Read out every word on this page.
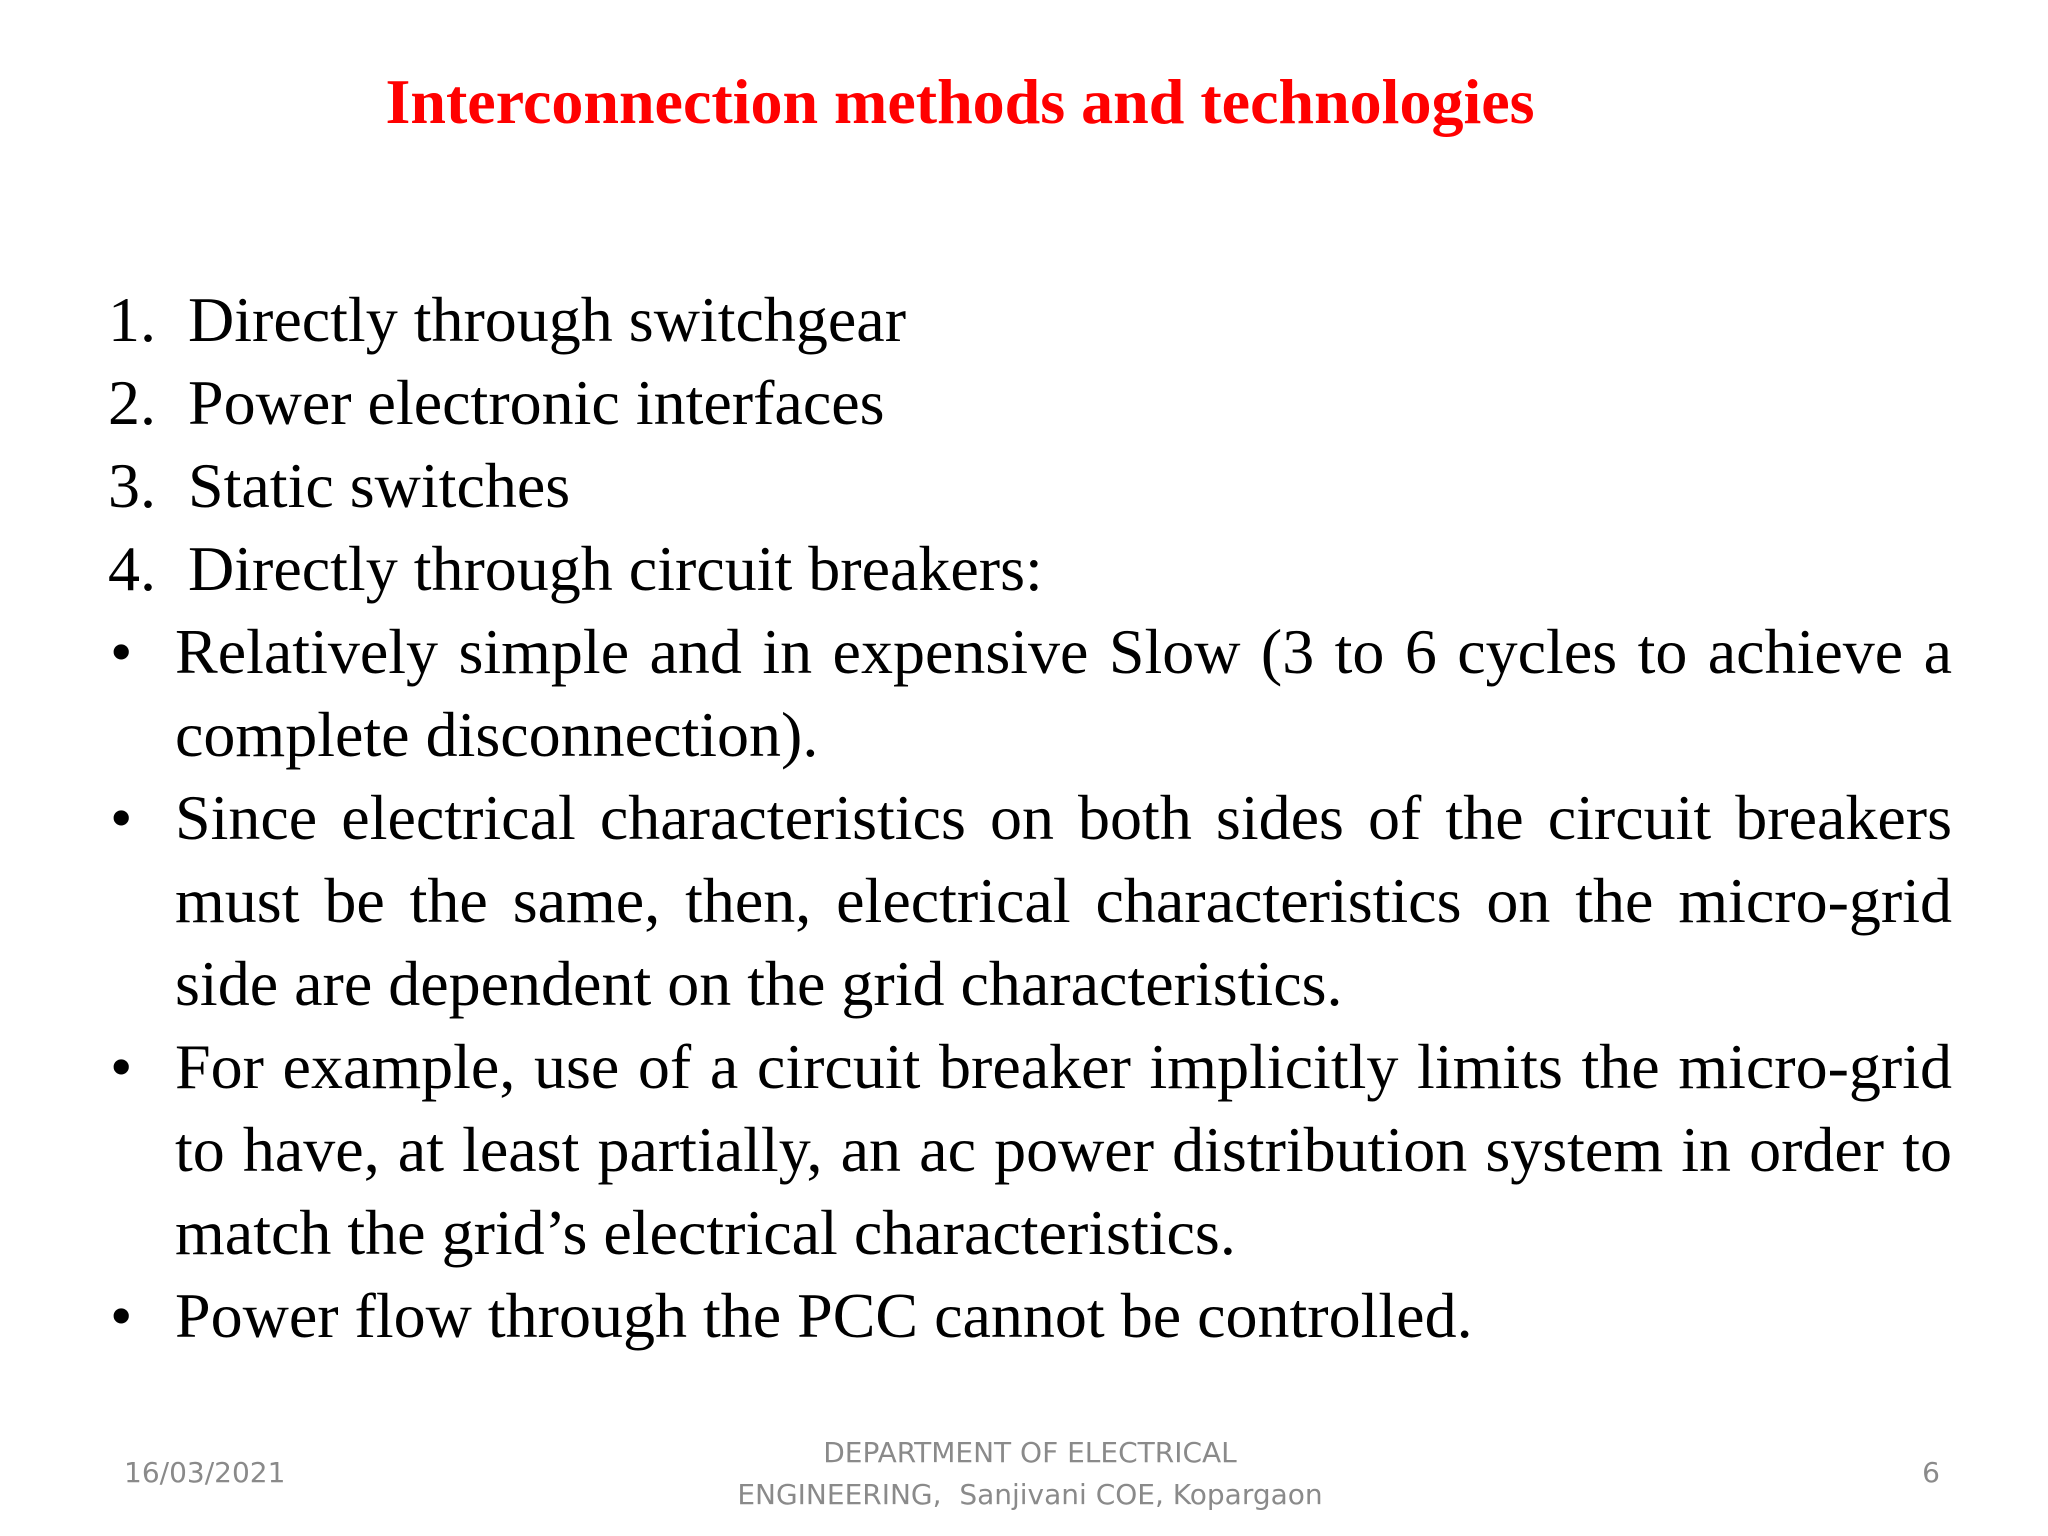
Interconnection methods and technologies
1. Directly through switchgear
2. Power electronic interfaces
3. Static switches
4. Directly through circuit breakers:
• Relatively simple and in expensive Slow (3 to 6 cycles to achieve a complete disconnection).
• Since electrical characteristics on both sides of the circuit breakers must be the same, then, electrical characteristics on the micro-grid side are dependent on the grid characteristics.
• For example, use of a circuit breaker implicitly limits the micro-grid to have, at least partially, an ac power distribution system in order to match the grid’s electrical characteristics.
• Power flow through the PCC cannot be controlled.
16/03/2021
DEPARTMENT OF ELECTRICAL
ENGINEERING,  Sanjivani COE, Kopargaon
6
